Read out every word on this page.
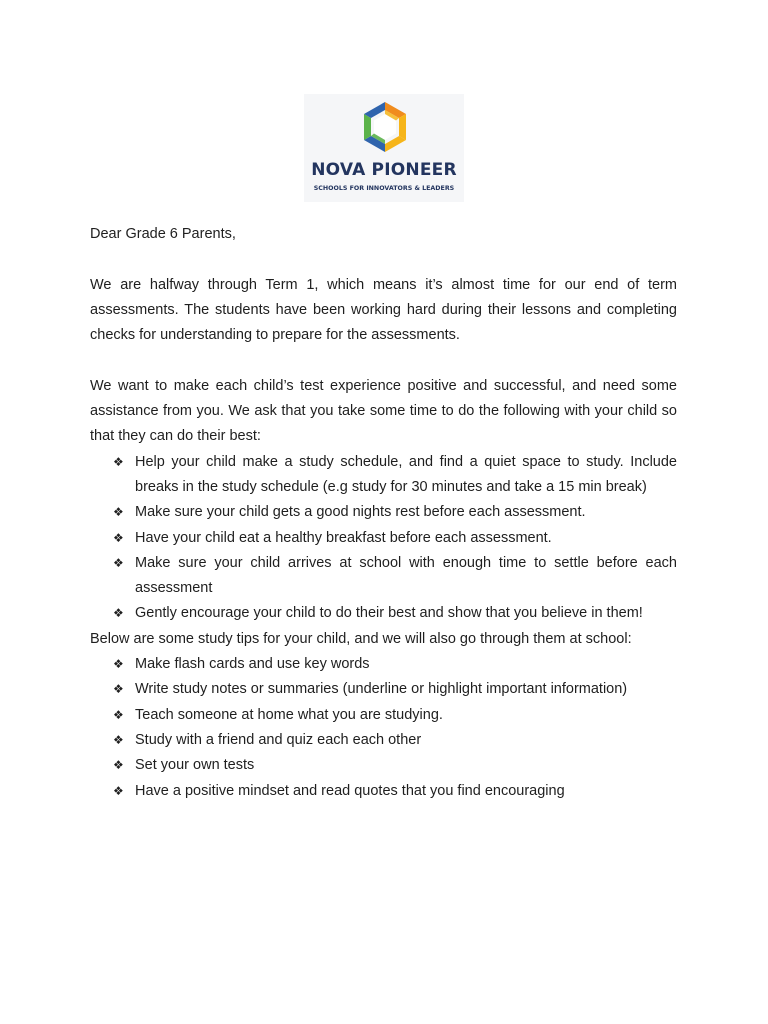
NOVA PIONEER
SCHOOLS FOR INNOVATORS & LEADERS

Dear Grade 6 Parents,

We are halfway through Term 1, which means it’s almost time for our end of term assessments. The students have been working hard during their lessons and completing checks for understanding to prepare for the assessments.

We want to make each child’s test experience positive and successful, and need some assistance from you. We ask that you take some time to do the following with your child so that they can do their best:

❖ Help your child make a study schedule, and find a quiet space to study. Include breaks in the study schedule (e.g study for 30 minutes and take a 15 min break)
❖ Make sure your child gets a good nights rest before each assessment.
❖ Have your child eat a healthy breakfast before each assessment.
❖ Make sure your child arrives at school with enough time to settle before each assessment
❖ Gently encourage your child to do their best and show that you believe in them!

Below are some study tips for your child, and we will also go through them at school:

❖ Make flash cards and use key words
❖ Write study notes or summaries (underline or highlight important information)
❖ Teach someone at home what you are studying.
❖ Study with a friend and quiz each each other
❖ Set your own tests
❖ Have a positive mindset and read quotes that you find encouraging
